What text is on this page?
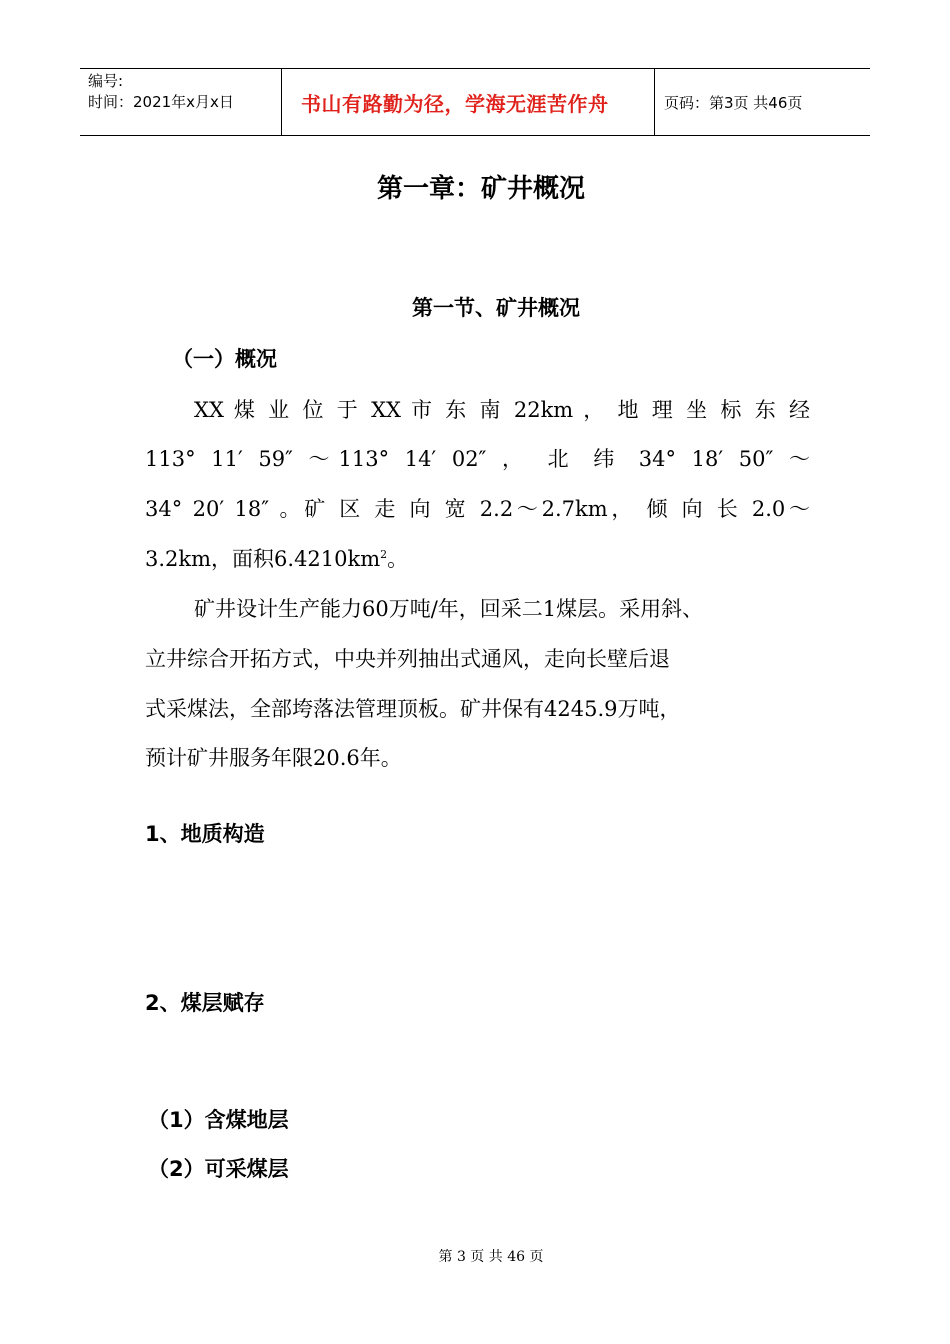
编号:
时间：2021年x月x日	书山有路勤为径，学海无涯苦作舟	页码：第3页 共46页
第一章：矿井概况
第一节、矿井概况
（一）概况
XX 煤 业 位 于 XX 市 东 南 22km ， 地 理 坐 标 东 经
113° 11′ 59″ ～113° 14′ 02″ ， 北 纬 34° 18′ 50″ ～
34° 20′ 18″ 。矿 区 走 向 宽 2.2～2.7km， 倾 向 长 2.0～
3.2km，面积$6.4210km^2$。
矿井设计生产能力60万吨/年，回采二1煤层。采用斜、
立井综合开拓方式，中央并列抽出式通风，走向长壁后退
式采煤法，全部垮落法管理顶板。矿井保有4245.9万吨，
预计矿井服务年限20.6年。
1、地质构造
2、煤层赋存
（1）含煤地层
（2）可采煤层
第 3 页 共 46 页
